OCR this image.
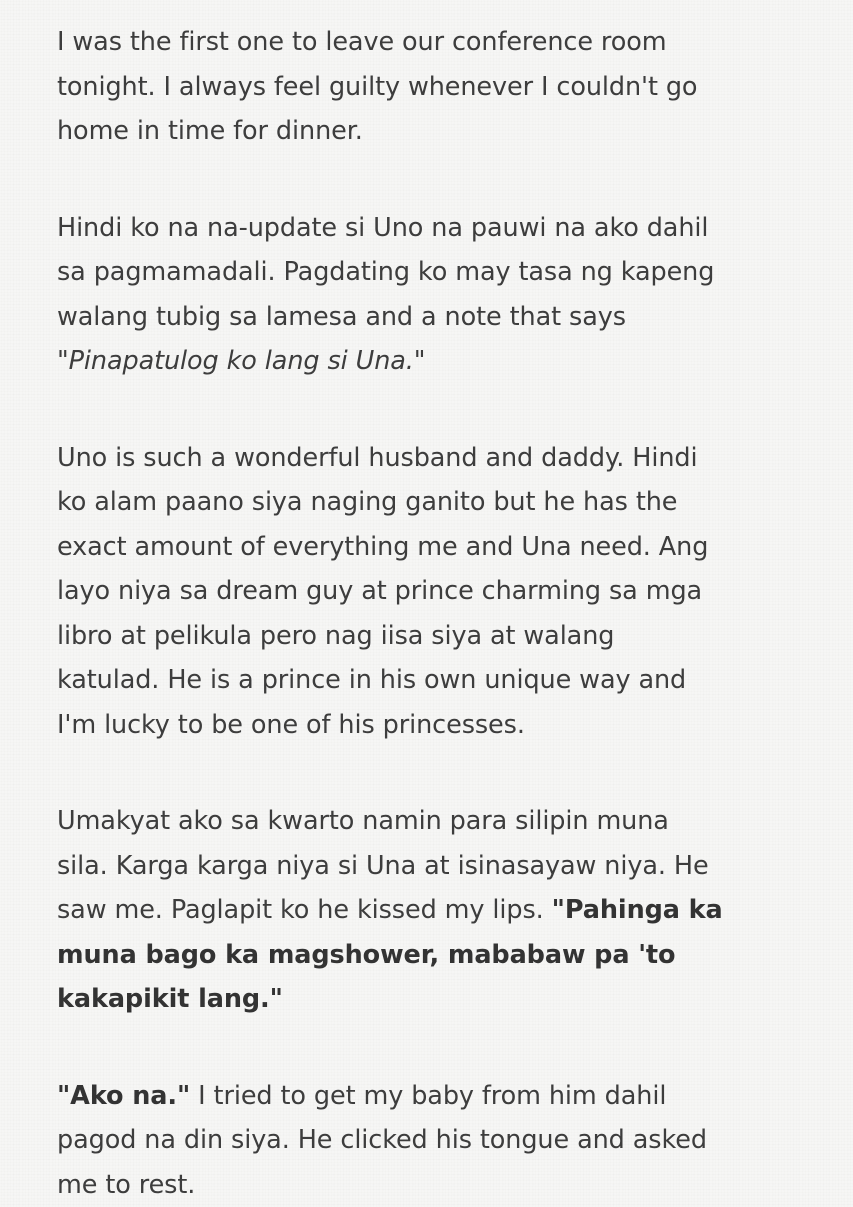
I was the first one to leave our conference room
tonight. I always feel guilty whenever I couldn't go
home in time for dinner.

Hindi ko na na-update si Uno na pauwi na ako dahil
sa pagmamadali. Pagdating ko may tasa ng kapeng
walang tubig sa lamesa and a note that says
"Pinapatulog ko lang si Una."

Uno is such a wonderful husband and daddy. Hindi
ko alam paano siya naging ganito but he has the
exact amount of everything me and Una need. Ang
layo niya sa dream guy at prince charming sa mga
libro at pelikula pero nag iisa siya at walang
katulad. He is a prince in his own unique way and
I'm lucky to be one of his princesses.

Umakyat ako sa kwarto namin para silipin muna
sila. Karga karga niya si Una at isinasayaw niya. He
saw me. Paglapit ko he kissed my lips. "Pahinga ka
muna bago ka magshower, mababaw pa 'to
kakapikit lang."

"Ako na." I tried to get my baby from him dahil
pagod na din siya. He clicked his tongue and asked
me to rest.
